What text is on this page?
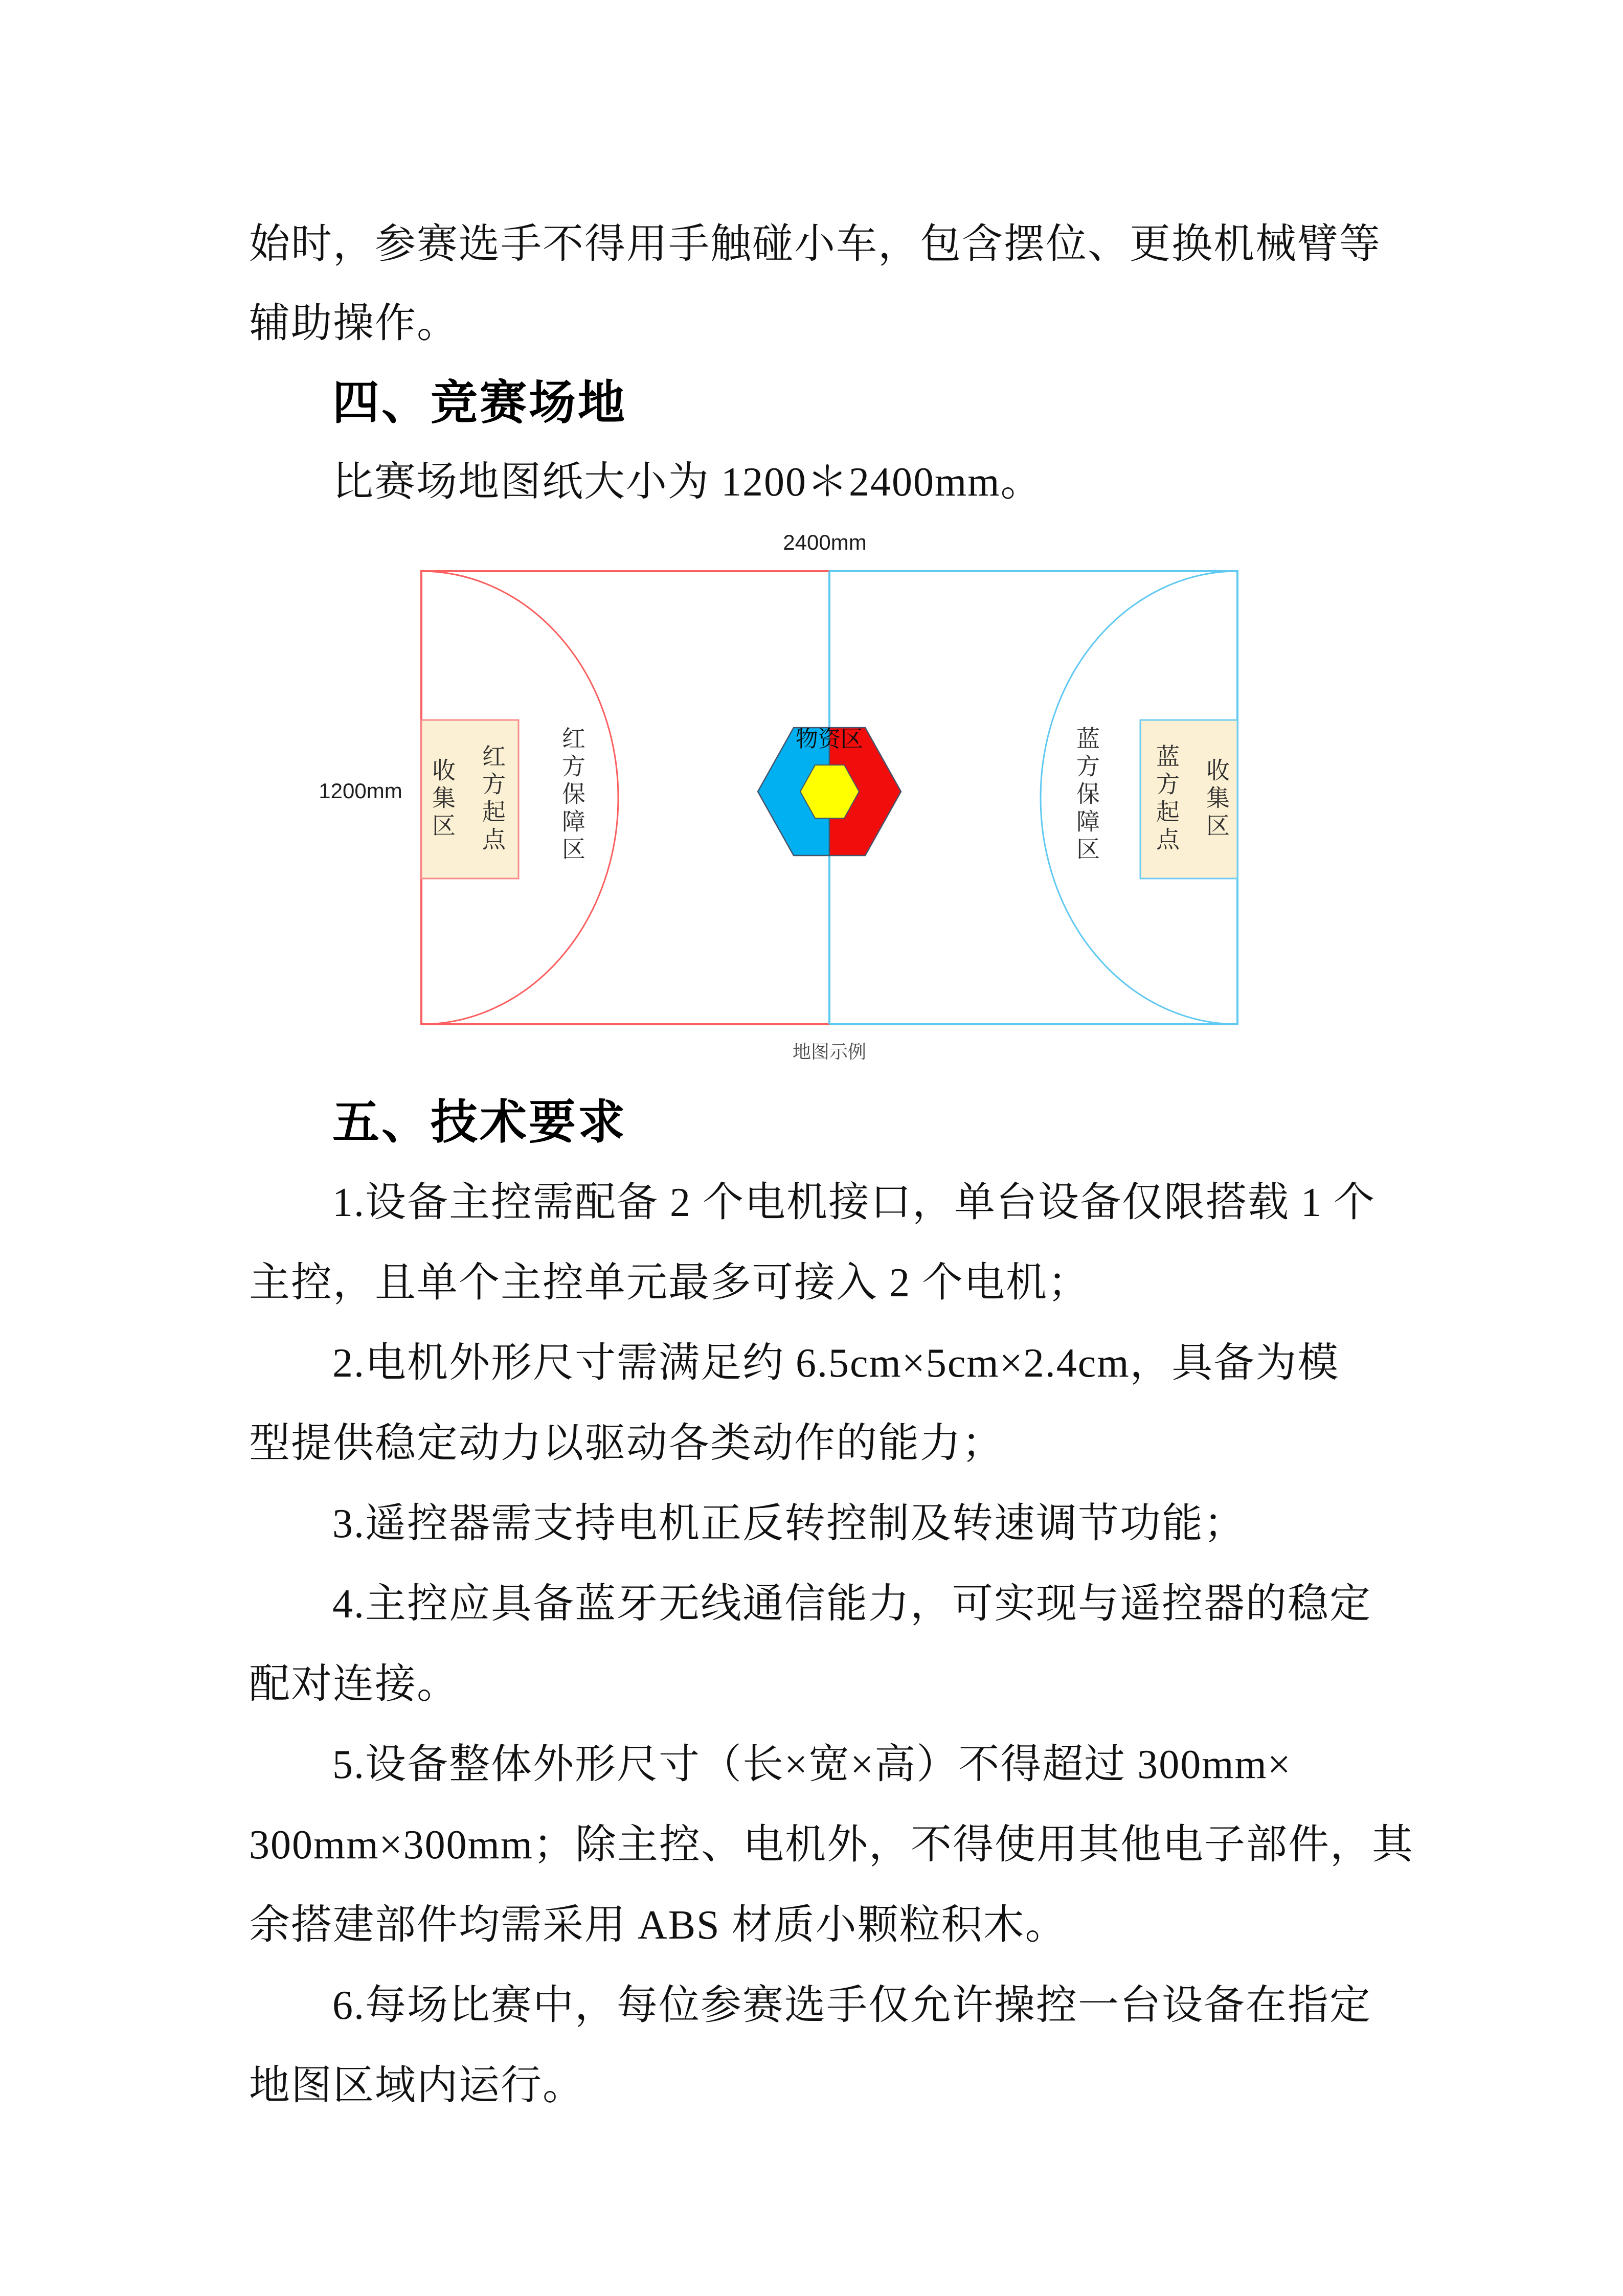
始时，参赛选手不得用手触碰小车，包含摆位、更换机械臂等
辅助操作。
四、竞赛场地
比赛场地图纸大小为 1200＊2400mm。
五、技术要求
1.设备主控需配备 2 个电机接口，单台设备仅限搭载 1 个
主控，且单个主控单元最多可接入 2 个电机；
2.电机外形尺寸需满足约 6.5cm×5cm×2.4cm，具备为模
型提供稳定动力以驱动各类动作的能力；
3.遥控器需支持电机正反转控制及转速调节功能；
4.主控应具备蓝牙无线通信能力，可实现与遥控器的稳定
配对连接。
5.设备整体外形尺寸（长×宽×高）不得超过 300mm×
300mm×300mm；除主控、电机外，不得使用其他电子部件，其
余搭建部件均需采用 ABS 材质小颗粒积木。
6.每场比赛中，每位参赛选手仅允许操控一台设备在指定
地图区域内运行。
2400mm
1200mm
物资区
地图示例
收集区 红方起点 红方保障区	蓝方保障区 蓝方起点 收集区
